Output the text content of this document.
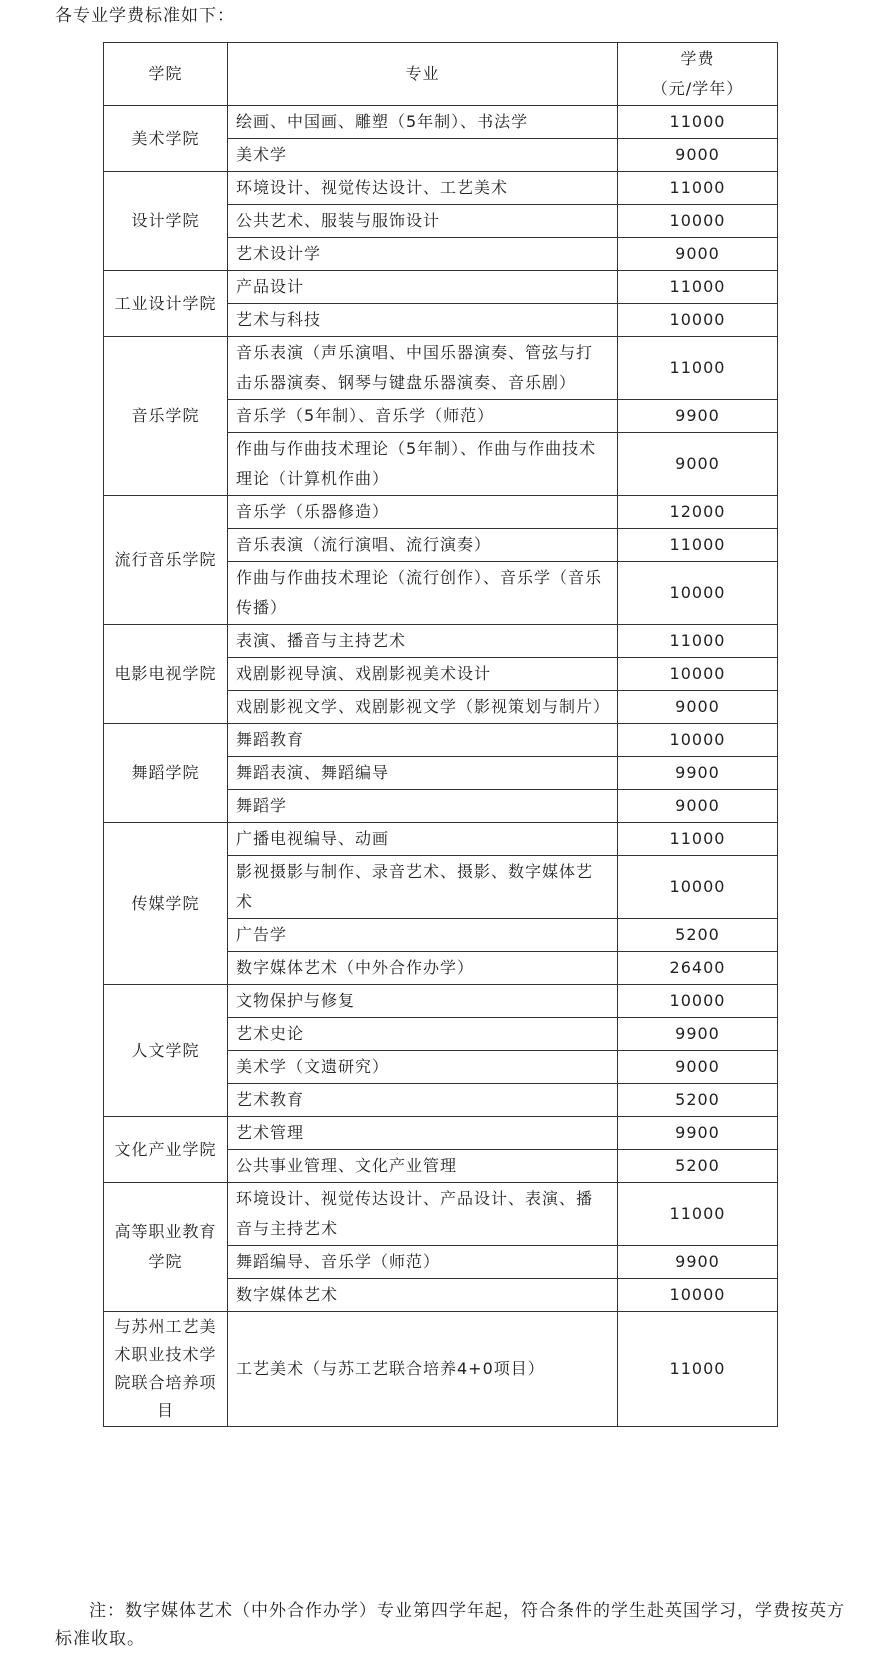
各专业学费标准如下：

学院	专业	学费
（元/学年）

美术学院	绘画、中国画、雕塑（5年制）、书法学	11000
	美术学	9000
设计学院	环境设计、视觉传达设计、工艺美术	11000
	公共艺术、服装与服饰设计	10000
	艺术设计学	9000
工业设计学院	产品设计	11000
	艺术与科技	10000
音乐学院	音乐表演（声乐演唱、中国乐器演奏、管弦与打击乐器演奏、钢琴与键盘乐器演奏、音乐剧）	11000
	音乐学（5年制）、音乐学（师范）	9900
	作曲与作曲技术理论（5年制）、作曲与作曲技术理论（计算机作曲）	9000
流行音乐学院	音乐学（乐器修造）	12000
	音乐表演（流行演唱、流行演奏）	11000
	作曲与作曲技术理论（流行创作）、音乐学（音乐传播）	10000
电影电视学院	表演、播音与主持艺术	11000
	戏剧影视导演、戏剧影视美术设计	10000
	戏剧影视文学、戏剧影视文学（影视策划与制片）	9000
舞蹈学院	舞蹈教育	10000
	舞蹈表演、舞蹈编导	9900
	舞蹈学	9000
传媒学院	广播电视编导、动画	11000
	影视摄影与制作、录音艺术、摄影、数字媒体艺术	10000
	广告学	5200
	数字媒体艺术（中外合作办学）	26400
人文学院	文物保护与修复	10000
	艺术史论	9900
	美术学（文遗研究）	9000
	艺术教育	5200
文化产业学院	艺术管理	9900
	公共事业管理、文化产业管理	5200
高等职业教育学院	环境设计、视觉传达设计、产品设计、表演、播音与主持艺术	11000
	舞蹈编导、音乐学（师范）	9900
	数字媒体艺术	10000
与苏州工艺美术职业技术学院联合培养项目	工艺美术（与苏工艺联合培养4+0项目）	11000

注：数字媒体艺术（中外合作办学）专业第四学年起，符合条件的学生赴英国学习，学费按英方标准收取。
